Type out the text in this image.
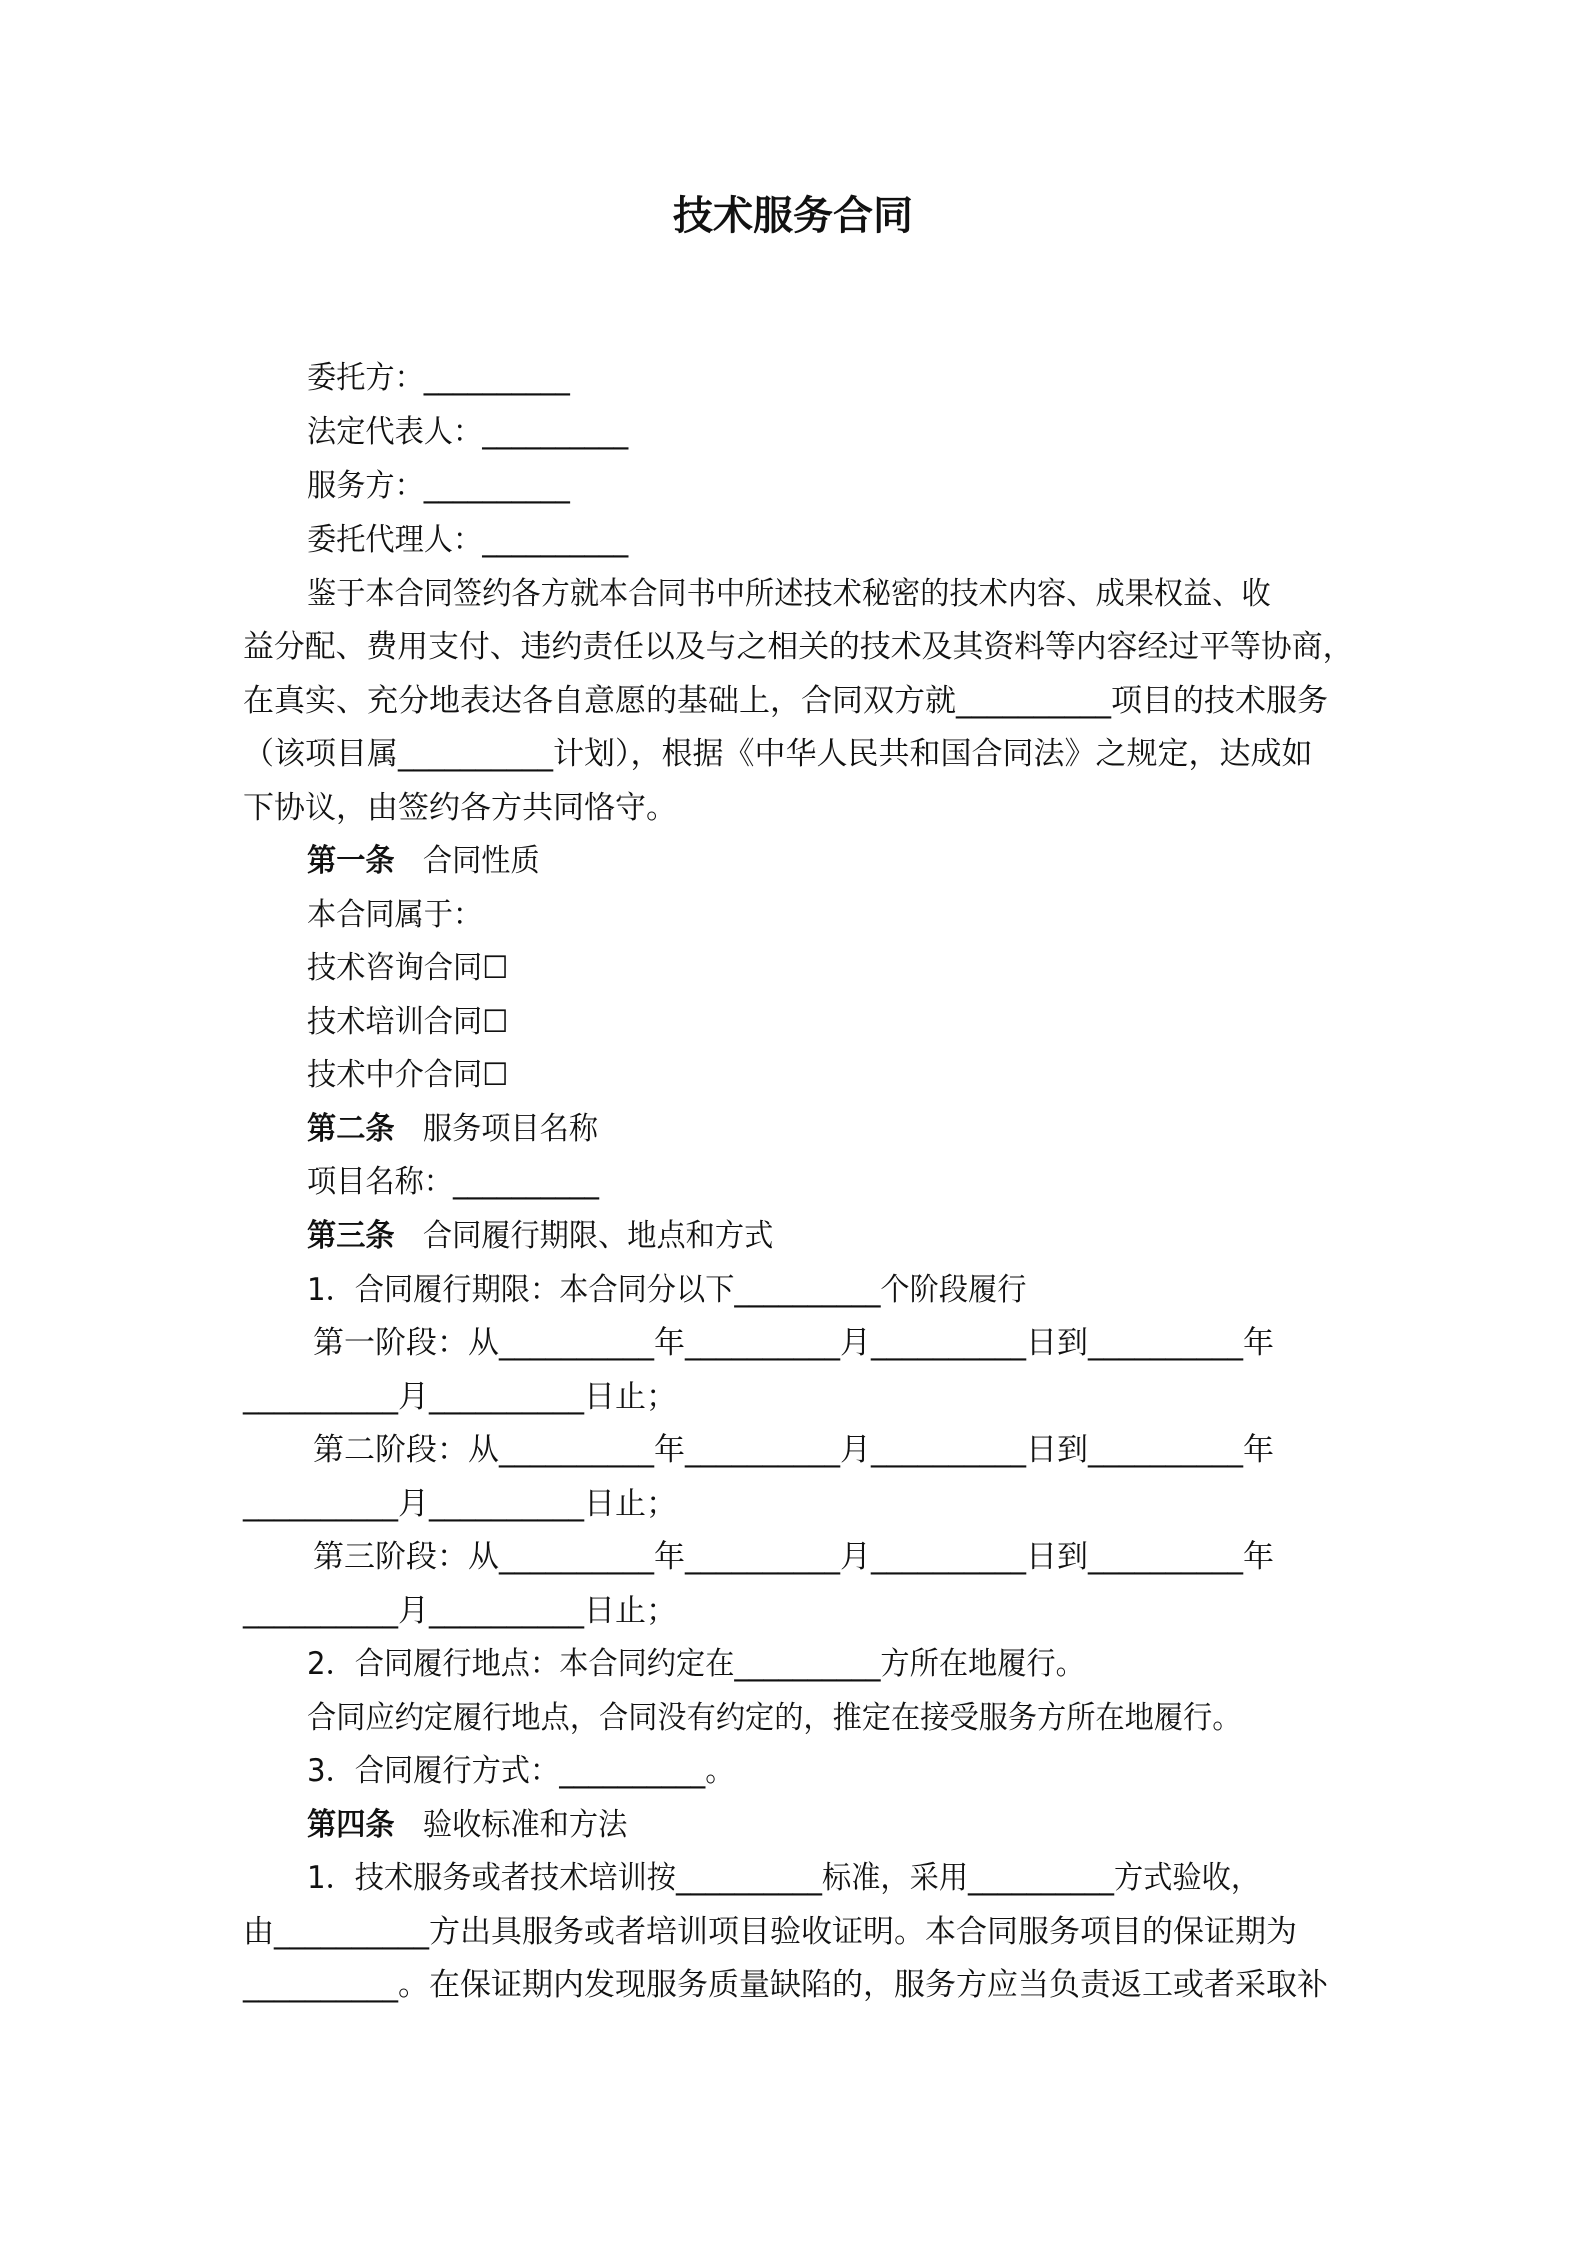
技术服务合同
委托方：__________
法定代表人：__________
服务方：__________
委托代理人：__________
鉴于本合同签约各方就本合同书中所述技术秘密的技术内容、成果权益、收
益分配、费用支付、违约责任以及与之相关的技术及其资料等内容经过平等协商，
在真实、充分地表达各自意愿的基础上，合同双方就__________项目的技术服务
（该项目属__________计划），根据《中华人民共和国合同法》之规定，达成如
下协议，由签约各方共同恪守。
第一条 合同性质
本合同属于：
技术咨询合同☐
技术培训合同☐
技术中介合同☐
第二条 服务项目名称
项目名称：__________
第三条 合同履行期限、地点和方式
1．合同履行期限：本合同分以下__________个阶段履行
第一阶段：从__________年__________月__________日到__________年
__________月__________日止；
第二阶段：从__________年__________月__________日到__________年
__________月__________日止；
第三阶段：从__________年__________月__________日到__________年
__________月__________日止；
2．合同履行地点：本合同约定在__________方所在地履行。
合同应约定履行地点，合同没有约定的，推定在接受服务方所在地履行。
3．合同履行方式：__________。
第四条 验收标准和方法
1．技术服务或者技术培训按__________标准，采用__________方式验收，
由__________方出具服务或者培训项目验收证明。本合同服务项目的保证期为
__________。在保证期内发现服务质量缺陷的，服务方应当负责返工或者采取补
